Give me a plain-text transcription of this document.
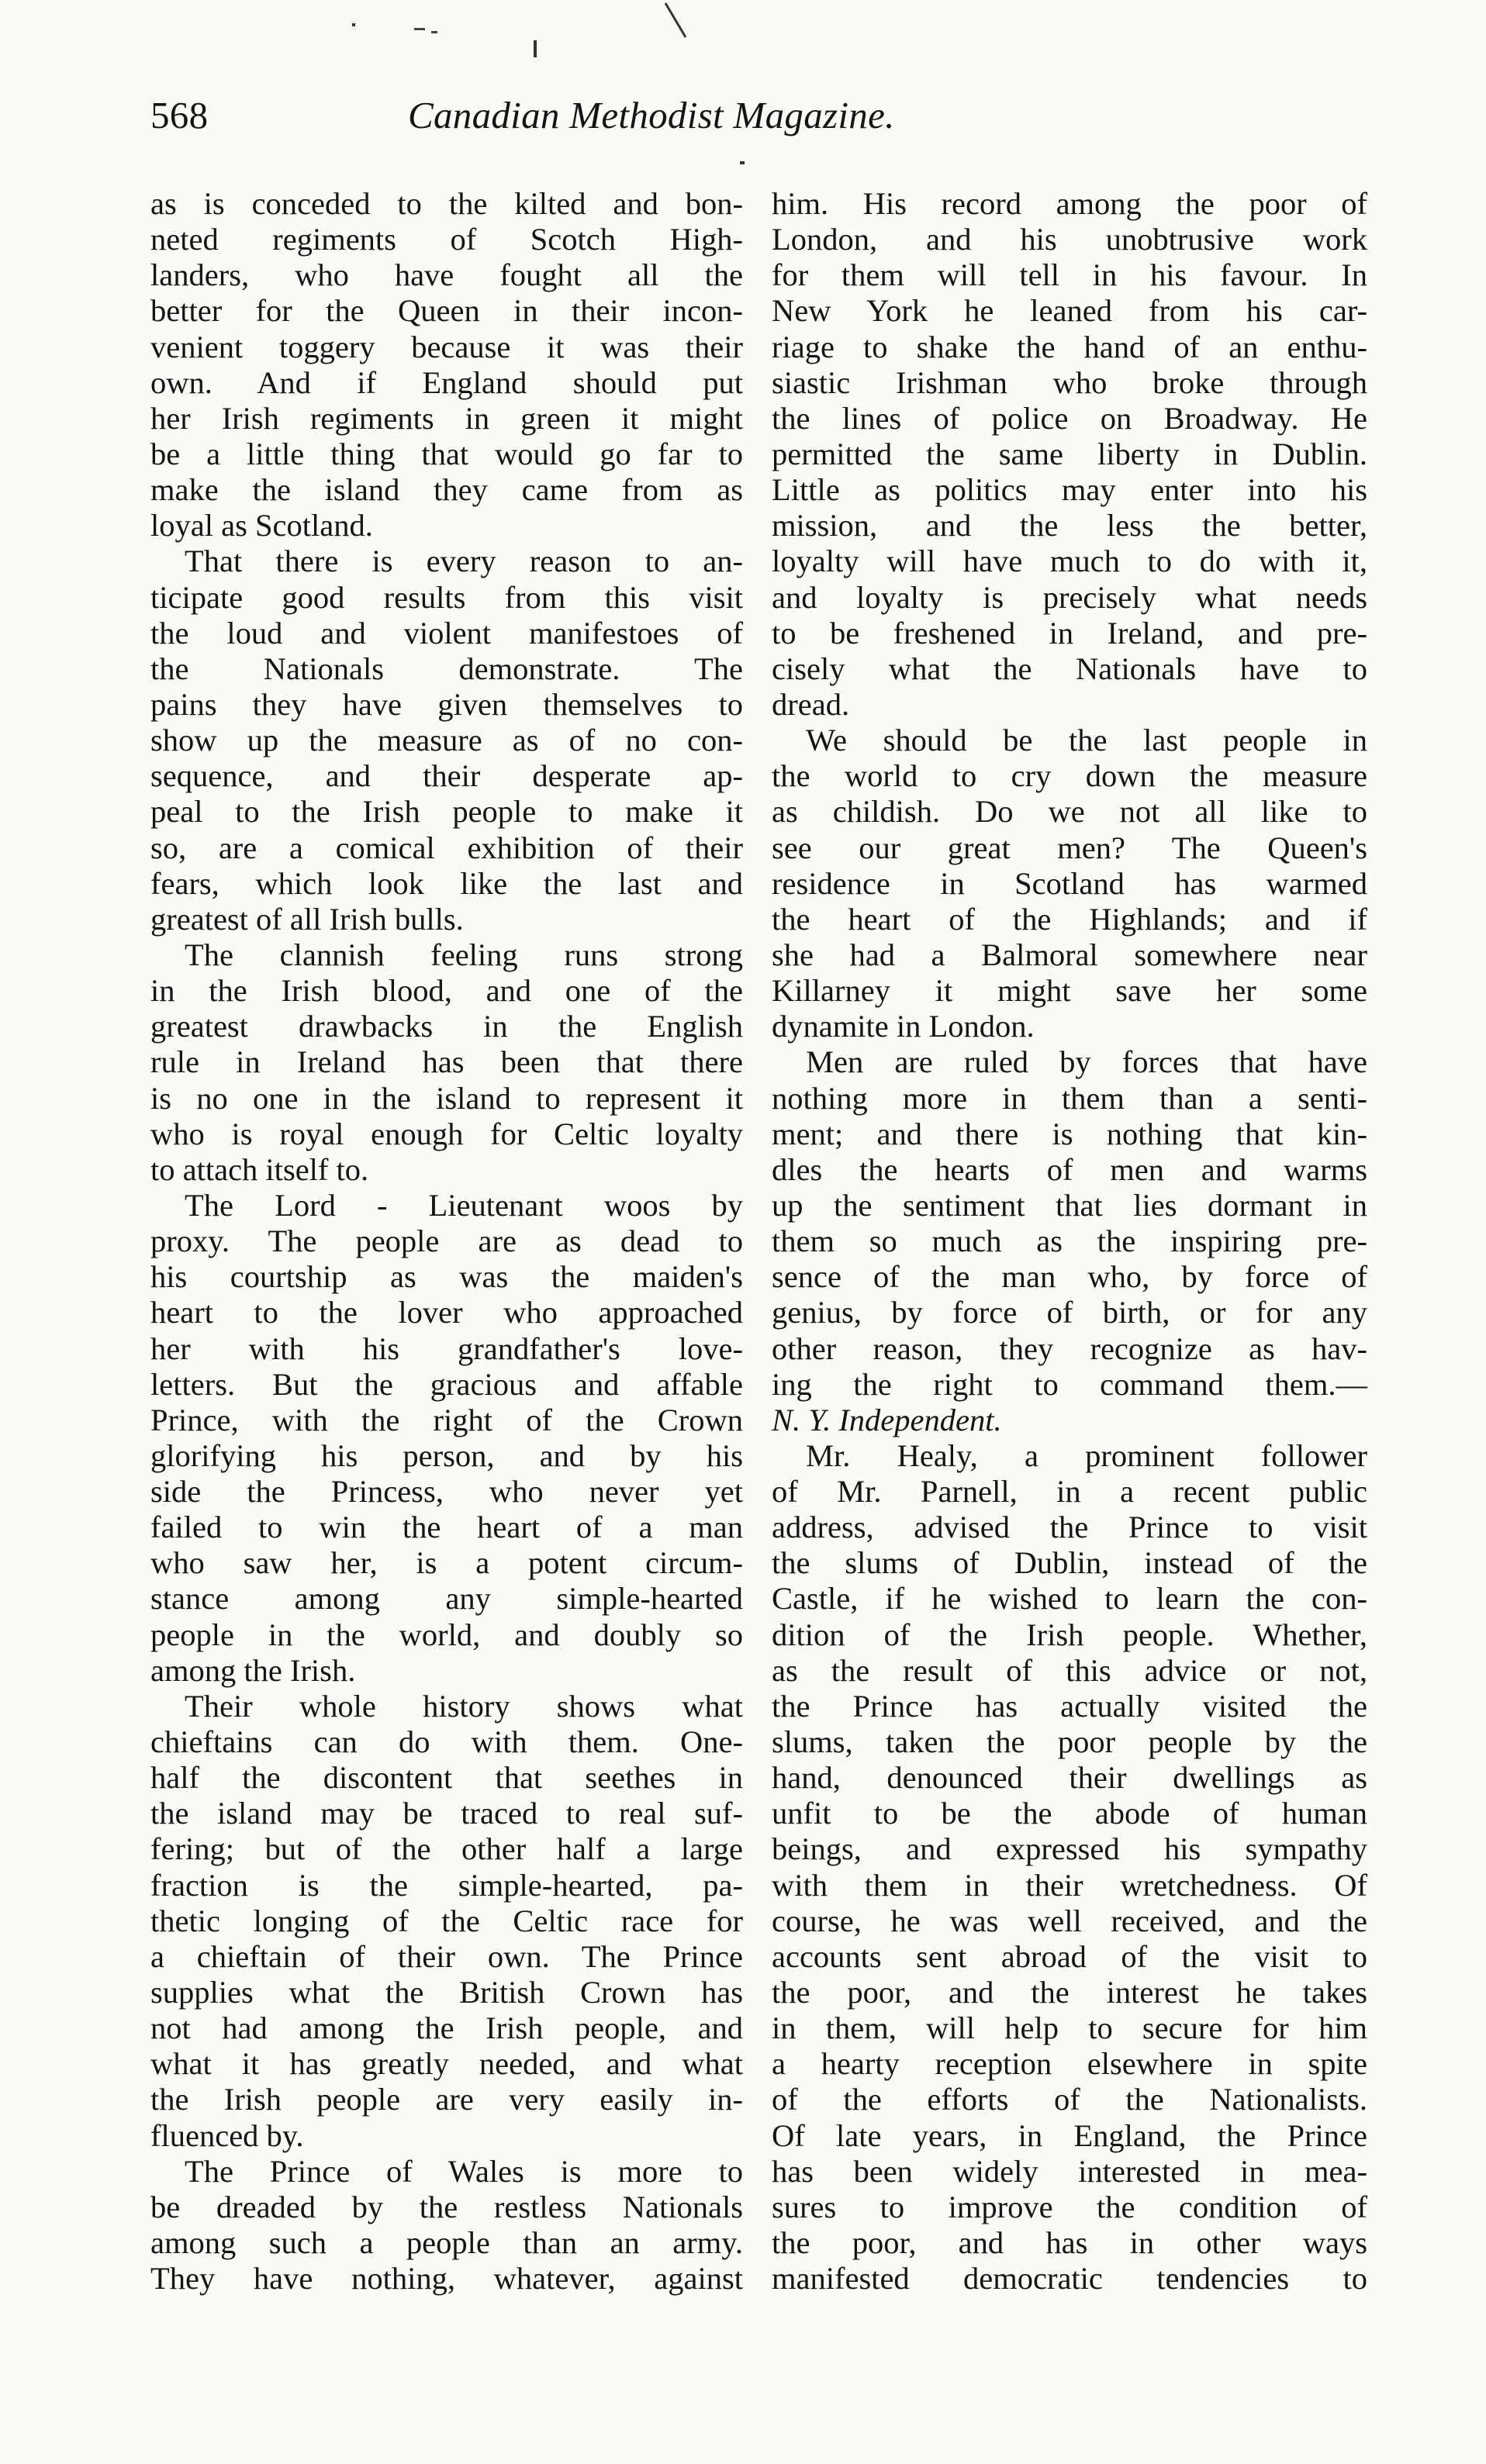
568	Canadian Methodist Magazine.
as is conceded to the kilted and bon-
neted regiments of Scotch High-
landers, who have fought all the
better for the Queen in their incon-
venient toggery because it was their
own. And if England should put
her Irish regiments in green it might
be a little thing that would go far to
make the island they came from as
loyal as Scotland.
That there is every reason to an-
ticipate good results from this visit
the loud and violent manifestoes of
the Nationals demonstrate. The
pains they have given themselves to
show up the measure as of no con-
sequence, and their desperate ap-
peal to the Irish people to make it
so, are a comical exhibition of their
fears, which look like the last and
greatest of all Irish bulls.
The clannish feeling runs strong
in the Irish blood, and one of the
greatest drawbacks in the English
rule in Ireland has been that there
is no one in the island to represent it
who is royal enough for Celtic loyalty
to attach itself to.
The Lord - Lieutenant woos by
proxy. The people are as dead to
his courtship as was the maiden's
heart to the lover who approached
her with his grandfather's love-
letters. But the gracious and affable
Prince, with the right of the Crown
glorifying his person, and by his
side the Princess, who never yet
failed to win the heart of a man
who saw her, is a potent circum-
stance among any simple-hearted
people in the world, and doubly so
among the Irish.
Their whole history shows what
chieftains can do with them. One-
half the discontent that seethes in
the island may be traced to real suf-
fering; but of the other half a large
fraction is the simple-hearted, pa-
thetic longing of the Celtic race for
a chieftain of their own. The Prince
supplies what the British Crown has
not had among the Irish people, and
what it has greatly needed, and what
the Irish people are very easily in-
fluenced by.
The Prince of Wales is more to
be dreaded by the restless Nationals
among such a people than an army.
They have nothing, whatever, against
him. His record among the poor of
London, and his unobtrusive work
for them will tell in his favour. In
New York he leaned from his car-
riage to shake the hand of an enthu-
siastic Irishman who broke through
the lines of police on Broadway. He
permitted the same liberty in Dublin.
Little as politics may enter into his
mission, and the less the better,
loyalty will have much to do with it,
and loyalty is precisely what needs
to be freshened in Ireland, and pre-
cisely what the Nationals have to
dread.
We should be the last people in
the world to cry down the measure
as childish. Do we not all like to
see our great men? The Queen's
residence in Scotland has warmed
the heart of the Highlands; and if
she had a Balmoral somewhere near
Killarney it might save her some
dynamite in London.
Men are ruled by forces that have
nothing more in them than a senti-
ment; and there is nothing that kin-
dles the hearts of men and warms
up the sentiment that lies dormant in
them so much as the inspiring pre-
sence of the man who, by force of
genius, by force of birth, or for any
other reason, they recognize as hav-
ing the right to command them.—
N. Y. Independent.
Mr. Healy, a prominent follower
of Mr. Parnell, in a recent public
address, advised the Prince to visit
the slums of Dublin, instead of the
Castle, if he wished to learn the con-
dition of the Irish people. Whether,
as the result of this advice or not,
the Prince has actually visited the
slums, taken the poor people by the
hand, denounced their dwellings as
unfit to be the abode of human
beings, and expressed his sympathy
with them in their wretchedness. Of
course, he was well received, and the
accounts sent abroad of the visit to
the poor, and the interest he takes
in them, will help to secure for him
a hearty reception elsewhere in spite
of the efforts of the Nationalists.
Of late years, in England, the Prince
has been widely interested in mea-
sures to improve the condition of
the poor, and has in other ways
manifested democratic tendencies to
